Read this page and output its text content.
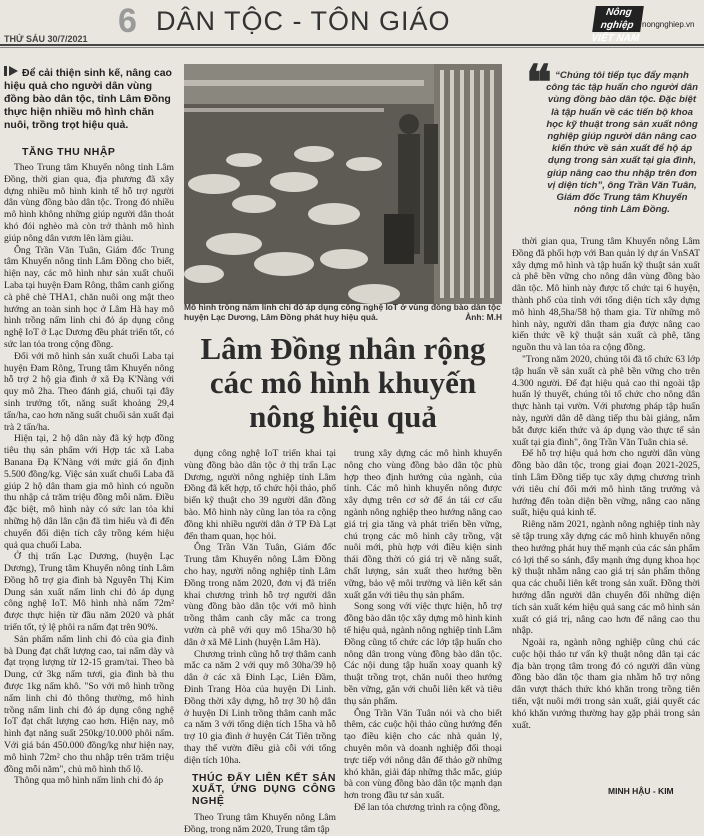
6 DÂN TỘC - TÔN GIÁO	Nông nghiệp VIỆT NAM
nongnghiep.vn
THỨ SÁU 30/7/2021
Để cải thiện sinh kế, nâng cao hiệu quả cho người dân vùng đồng bào dân tộc, tỉnh Lâm Đồng thực hiện nhiều mô hình chăn nuôi, trồng trọt hiệu quả.
TĂNG THU NHẬP

Theo Trung tâm Khuyến nông tỉnh Lâm Đồng, thời gian qua, địa phương đã xây dựng nhiều mô hình kinh tế hỗ trợ người dân vùng đồng bào dân tộc. Trong đó nhiều mô hình không những giúp người dân thoát khó đói nghèo mà còn trở thành mô hình giúp nông dân vươn lên làm giàu.

Ông Trần Văn Tuân, Giám đốc Trung tâm Khuyến nông tỉnh Lâm Đồng cho biết, hiện nay, các mô hình như sản xuất chuối Laba tại huyện Đam Rông, thâm canh giống cà phê chè THA1, chăn nuôi ong mật theo hướng an toàn sinh học ở Lâm Hà hay mô hình trồng nấm linh chi đỏ áp dụng công nghệ IoT ở Lạc Dương đều phát triển tốt, có sức lan tỏa trong cộng đồng.

Đối với mô hình sản xuất chuối Laba tại huyện Đam Rông, Trung tâm Khuyến nông hỗ trợ 2 hộ gia đình ở xã Đạ K'Nàng với quy mô 2ha. Theo đánh giá, chuối tại đây sinh trưởng tốt, năng suất khoảng 29,4 tấn/ha, cao hơn năng suất chuối sản xuất đại trà 2 tấn/ha.

Hiện tại, 2 hộ dân này đã ký hợp đồng tiêu thụ sản phẩm với Hợp tác xã Laba Banana Đạ K'Nàng với mức giá ổn định 5.500 đồng/kg. Việc sản xuất chuối Laba đã giúp 2 hộ dân tham gia mô hình có nguồn thu nhập cả trăm triệu đồng mỗi năm. Điều đặc biệt, mô hình này có sức lan tỏa khi những hộ dân lân cận đã tìm hiểu và đi đến chuyển đổi diện tích cây trồng kém hiệu quả qua chuối Laba.

Ở thị trấn Lạc Dương, (huyện Lạc Dương), Trung tâm Khuyến nông tỉnh Lâm Đồng hỗ trợ gia đình bà Nguyễn Thị Kim Dung sản xuất nấm linh chi đỏ áp dụng công nghệ IoT. Mô hình nhà nấm 72m² được thực hiện từ đầu năm 2020 và phát triển tốt, tỷ lệ phôi ra nấm đạt trên 90%.

Sản phẩm nấm linh chi đỏ của gia đình bà Dung đạt chất lượng cao, tai nấm dày và đạt trọng lượng từ 12-15 gram/tai. Theo bà Dung, cứ 3kg nấm tươi, gia đình bà thu được 1kg nấm khô. "So với mô hình trồng nấm linh chi đỏ thông thường, mô hình trồng nấm linh chi đỏ áp dụng công nghệ IoT đạt chất lượng cao hơn. Hiện nay, mô hình đạt năng suất 250kg/10.000 phôi nấm. Với giá bán 450.000 đồng/kg như hiện nay, mô hình 72m² cho thu nhập trên trăm triệu đồng mỗi năm", chủ mô hình thổ lộ.

Thông qua mô hình nấm linh chi đỏ áp

Mô hình trồng nấm linh chi đỏ áp dụng công nghệ IoT ở vùng đồng bào dân tộc huyện Lạc Dương, Lâm Đồng phát huy hiệu quả.	Ảnh: M.H
Lâm Đồng nhân rộng các mô hình khuyến nông hiệu quả

dụng công nghệ IoT triển khai tại vùng đồng bào dân tộc ở thị trấn Lạc Dương, người nông nghiệp tỉnh Lâm Đồng đã kết hợp, tổ chức hội thảo, phổ biến kỹ thuật cho 39 người dân đồng bào. Mô hình này cũng lan tỏa ra cộng đồng khi nhiều người dân ở TP Đà Lạt đến tham quan, học hỏi.

Ông Trần Văn Tuân, Giám đốc Trung tâm Khuyến nông Lâm Đồng cho hay, người nông nghiệp tỉnh Lâm Đồng trong năm 2020, đơn vị đã triển khai chương trình hỗ trợ người dân vùng đồng bào dân tộc với mô hình trồng thâm canh cây mắc ca trong vườn cà phê với quy mô 15ha/30 hộ dân ở xã Mê Linh (huyện Lâm Hà).

Chương trình cũng hỗ trợ thâm canh mắc ca năm 2 với quy mô 30ha/39 hộ dân ở các xã Đinh Lạc, Liên Đầm, Đinh Trang Hòa của huyện Di Linh. Đồng thời xây dựng, hỗ trợ 30 hộ dân ở huyện Di Linh trồng thâm canh mắc ca năm 3 với tổng diện tích 15ha và hỗ trợ 10 gia đình ở huyện Cát Tiên trồng thay thế vườn điều già cỗi với tổng diện tích 10ha.

THÚC ĐẨY LIÊN KẾT SẢN XUẤT, ỨNG DỤNG CÔNG NGHỆ

Theo Trung tâm Khuyến nông Lâm Đồng, trong năm 2020, Trung tâm tập

trung xây dựng các mô hình khuyến nông cho vùng đồng bào dân tộc phù hợp theo định hướng của ngành, của tỉnh. Các mô hình khuyến nông được xây dựng trên cơ sở để án tái cơ cấu ngành nông nghiệp theo hướng nâng cao giá trị gia tăng và phát triển bền vững, chú trọng các mô hình cây trồng, vật nuôi mới, phù hợp với điều kiện sinh thái đồng thời có giá trị về năng suất, chất lượng, sản xuất theo hướng bền vững, bảo vệ môi trường và liên kết sản xuất gắn với tiêu thụ sản phẩm.

Song song với việc thực hiện, hỗ trợ đồng bào dân tộc xây dựng mô hình kinh tế hiệu quả, ngành nông nghiệp tỉnh Lâm Đồng cũng tổ chức các lớp tập huấn cho nông dân trong vùng đồng bào dân tộc. Các nội dung tập huấn xoay quanh kỹ thuật trồng trọt, chăn nuôi theo hướng bền vững, gắn với chuỗi liên kết và tiêu thụ sản phẩm.

Ông Trần Văn Tuân nói và cho biết thêm, các cuộc hội thảo cũng hướng đến tạo điều kiện cho các nhà quản lý, chuyên môn và doanh nghiệp đối thoại trực tiếp với nông dân để thảo gỡ những khó khăn, giải đáp những thắc mắc, giúp bà con vùng đồng bào dân tộc mạnh dạn hơn trong đầu tư sản xuất.

Để lan tỏa chương trình ra cộng đồng,

❝ “Chúng tôi tiếp tục đẩy mạnh công tác tập huấn cho người dân vùng đồng bào dân tộc. Đặc biệt là tập huấn về các tiến bộ khoa học kỹ thuật trong sản xuất nông nghiệp giúp người dân nâng cao kiến thức về sản xuất để hộ áp dụng trong sản xuất tại gia đình, giúp nâng cao thu nhập trên đơn vị diện tích”, ông Trần Văn Tuân, Giám đốc Trung tâm Khuyến nông tỉnh Lâm Đồng.

thời gian qua, Trung tâm Khuyến nông Lâm Đồng đã phối hợp với Ban quản lý dự án VnSAT xây dựng mô hình và tập huấn kỹ thuật sản xuất cà phê bền vững cho nông dân vùng đồng bào dân tộc. Mô hình này được tổ chức tại 6 huyện, thành phố của tỉnh với tổng diện tích xây dựng mô hình 48,5ha/58 hộ tham gia. Từ những mô hình này, người dân tham gia được nâng cao kiến thức về kỹ thuật sản xuất cà phê, tăng nguồn thu và lan tỏa ra cộng đồng.

"Trong năm 2020, chúng tôi đã tổ chức 63 lớp tập huấn về sản xuất cà phê bền vững cho trên 4.300 người. Để đạt hiệu quả cao thì ngoài tập huấn lý thuyết, chúng tôi tổ chức cho nông dân thực hành tại vườn. Với phương pháp tập huấn này, người dân dễ dàng tiếp thu bài giảng, nắm bắt được kiến thức và áp dụng vào thực tế sản xuất tại gia đình", ông Trần Văn Tuân chia sẻ.

Để hỗ trợ hiệu quả hơn cho người dân vùng đồng bào dân tộc, trong giai đoạn 2021-2025, tỉnh Lâm Đồng tiếp tục xây dựng chương trình với tiêu chí đổi mới mô hình tăng trưởng và hướng đến toàn diện bền vững, nâng cao năng suất, hiệu quả kinh tế.

Riêng năm 2021, ngành nông nghiệp tỉnh này sẽ tập trung xây dựng các mô hình khuyến nông theo hướng phát huy thế mạnh của các sản phẩm có lợi thế so sánh, đẩy mạnh ứng dụng khoa học kỹ thuật nhằm nâng cao giá trị sản phẩm thông qua các chuỗi liên kết trong sản xuất. Đồng thời hướng dẫn người dân chuyển đổi những diện tích sản xuất kém hiệu quả sang các mô hình sản xuất có giá trị, nâng cao hơn để nâng cao thu nhập.

Ngoài ra, ngành nông nghiệp cũng chú các cuộc hội thảo tư vấn kỹ thuật nông dân tại các địa bàn trọng tâm trong đó có người dân vùng đồng bào dân tộc tham gia nhằm hỗ trợ nông dân vượt thách thức khó khăn trong trồng tiên tiến, vật nuôi mới trong sản xuất, giải quyết các khó khăn vướng thường hay gặp phải trong sản xuất.

MINH HẬU - KIM
